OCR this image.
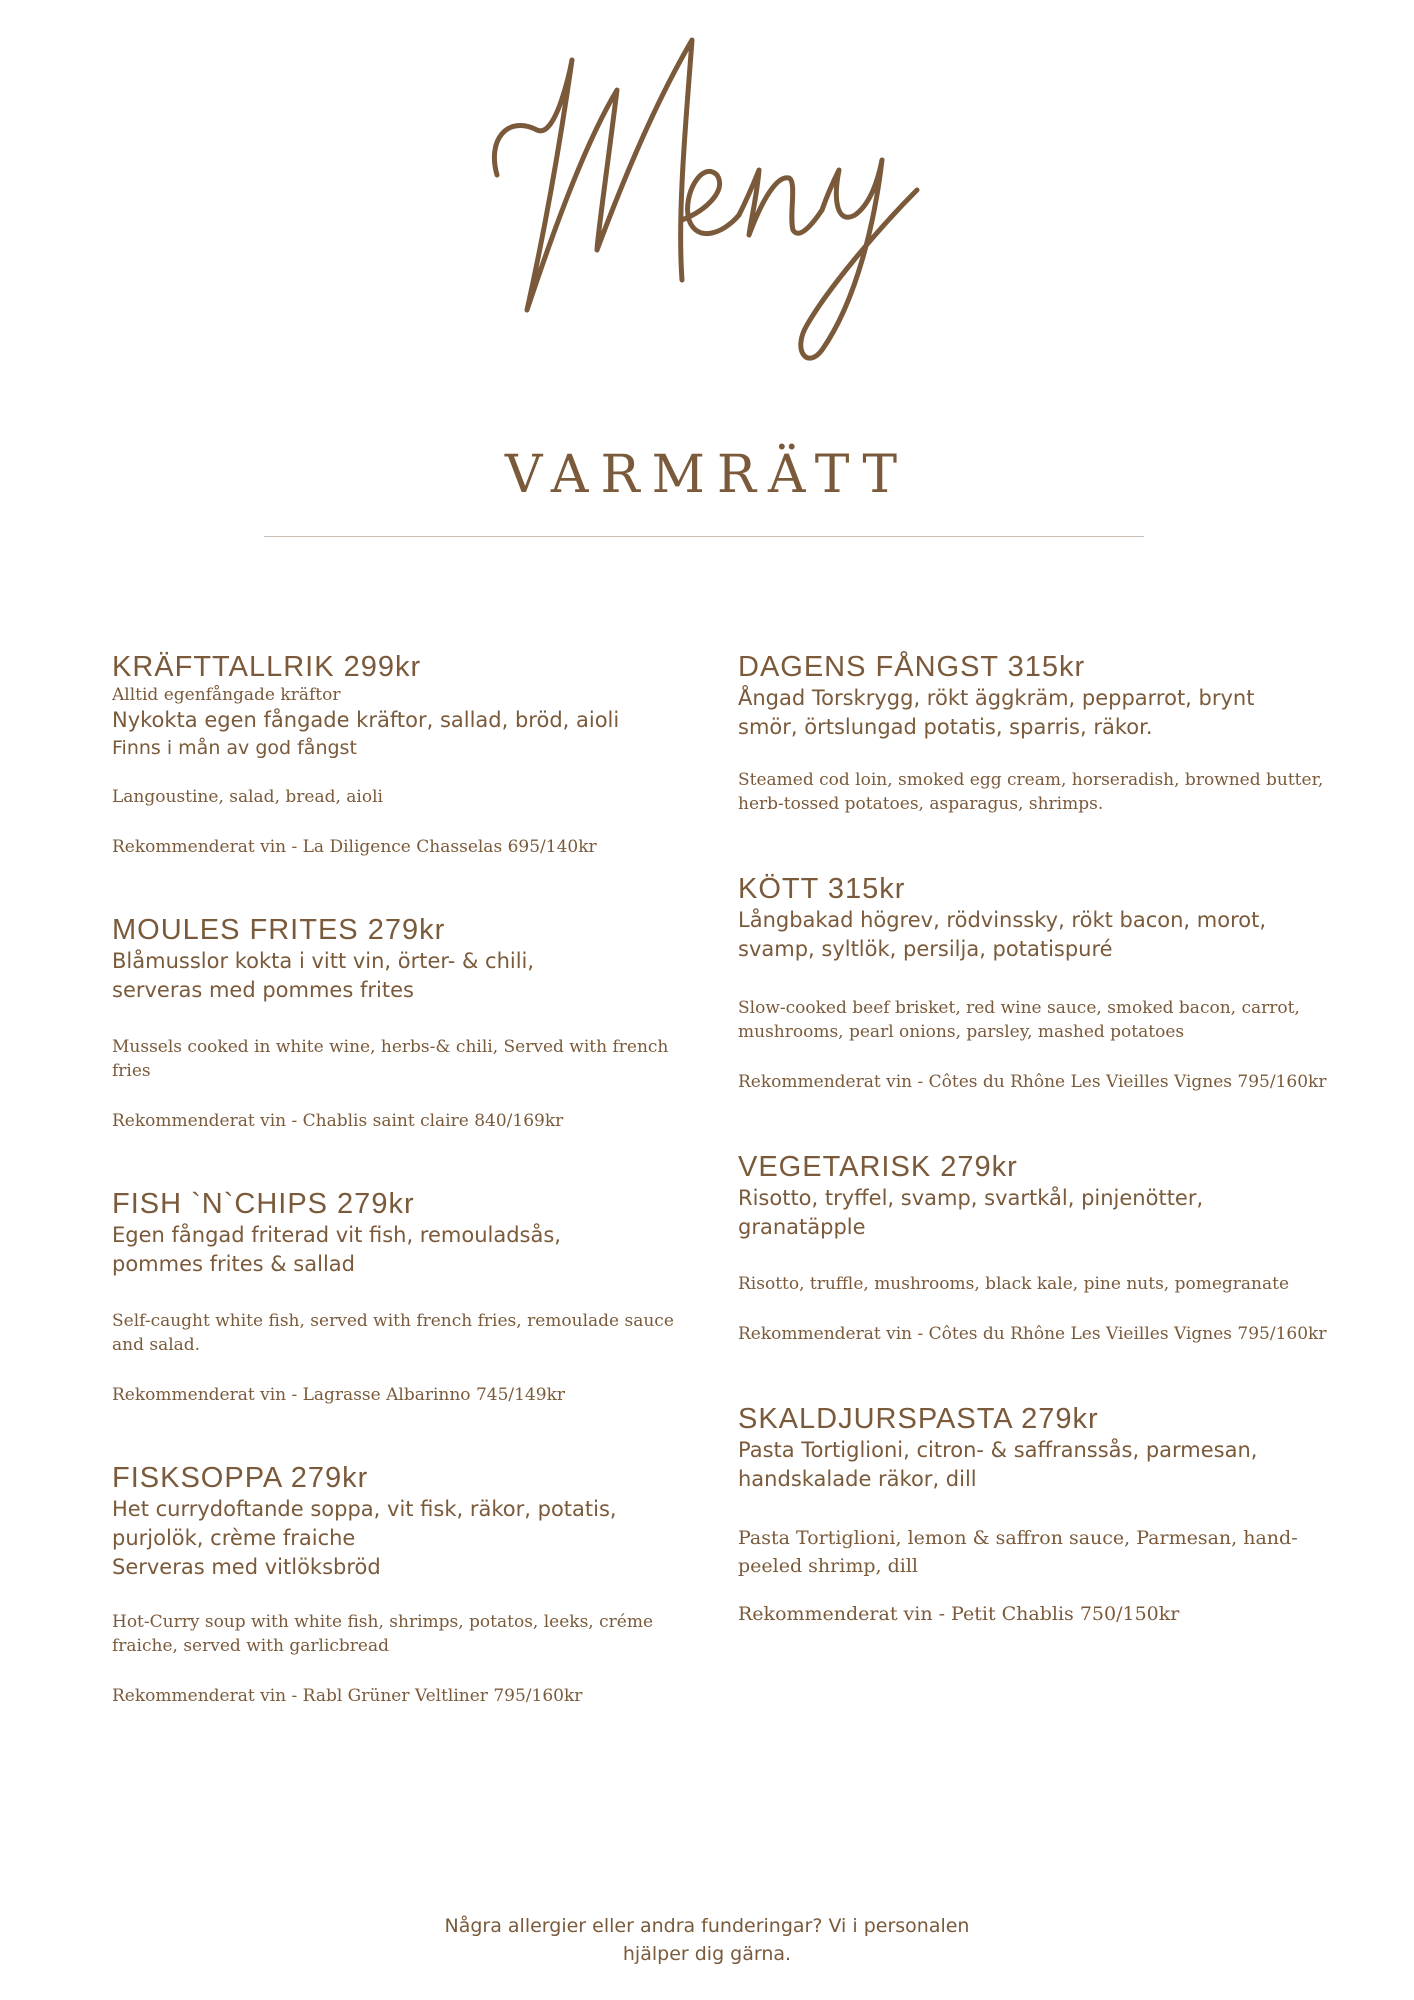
VARMRÄTT

KRÄFTTALLRIK 299kr

Alltid egenfångade kräftor

Nykokta egen fångade kräftor, sallad, bröd, aioli

Finns i mån av god fångst

Langoustine, salad, bread, aioli

Rekommenderat vin - La Diligence Chasselas 695/140kr

MOULES FRITES 279kr

Blåmusslor kokta i vitt vin, örter- & chili,
serveras med pommes frites

Mussels cooked in white wine, herbs-& chili, Served with french fries

Rekommenderat vin - Chablis saint claire 840/169kr

FISH `N`CHIPS 279kr

Egen fångad friterad vit fish, remouladsås,
pommes frites & sallad

Self-caught white fish, served with french fries, remoulade sauce and salad.

Rekommenderat vin - Lagrasse Albarinno 745/149kr

FISKSOPPA 279kr

Het currydoftande soppa, vit fisk, räkor, potatis,
purjolök, crème fraiche
Serveras med vitlöksbröd

Hot-Curry soup with white fish, shrimps, potatos, leeks, créme fraiche, served with garlicbread

Rekommenderat vin - Rabl Grüner Veltliner 795/160kr

DAGENS FÅNGST 315kr

Ångad Torskrygg, rökt äggkräm, pepparrot, brynt
smör, örtslungad potatis, sparris, räkor.

Steamed cod loin, smoked egg cream, horseradish, browned butter, herb-tossed potatoes, asparagus, shrimps.

KÖTT 315kr

Långbakad högrev, rödvinssky, rökt bacon, morot,
svamp, syltlök, persilja, potatispuré

Slow-cooked beef brisket, red wine sauce, smoked bacon, carrot, mushrooms, pearl onions, parsley, mashed potatoes

Rekommenderat vin - Côtes du Rhône Les Vieilles Vignes 795/160kr

VEGETARISK 279kr

Risotto, tryffel, svamp, svartkål, pinjenötter,
granatäpple

Risotto, truffle, mushrooms, black kale, pine nuts, pomegranate

Rekommenderat vin - Côtes du Rhône Les Vieilles Vignes 795/160kr

SKALDJURSPASTA 279kr

Pasta Tortiglioni, citron- & saffranssås, parmesan,
handskalade räkor, dill

Pasta Tortiglioni, lemon & saffron sauce, Parmesan, hand-peeled shrimp, dill

Rekommenderat vin - Petit Chablis 750/150kr

Några allergier eller andra funderingar? Vi i personalen
hjälper dig gärna.
